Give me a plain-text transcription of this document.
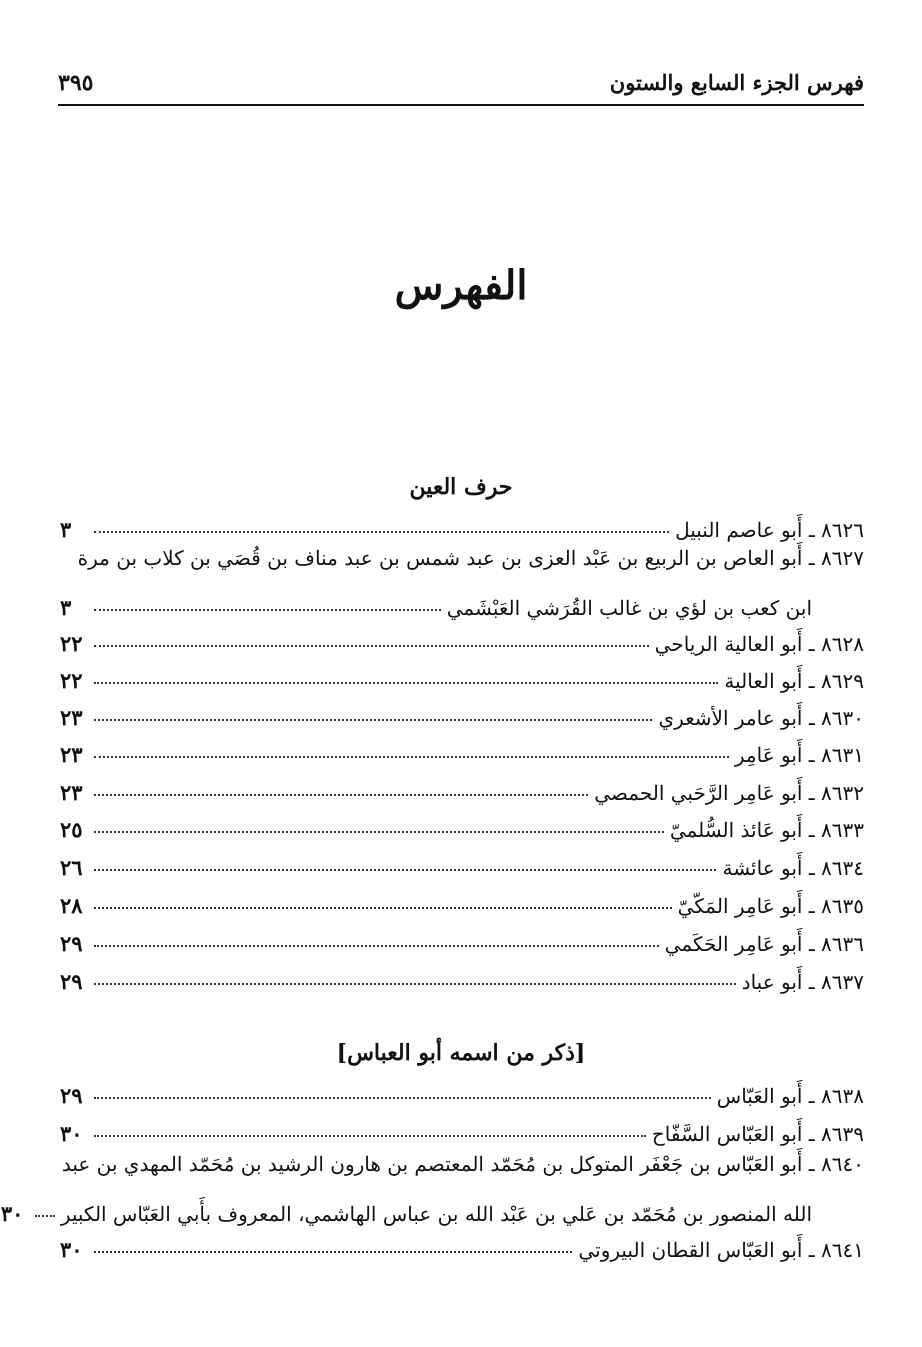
فهرس الجزء السابع والستون
٣٩٥
الفهرس
حرف العين
٨٦٢٦ ـ أَبو عاصم النبيل
٣
٨٦٢٧ ـ أَبو العاص بن الربيع بن عَبْد العزى بن عبد شمس بن عبد مناف بن قُصَي بن كلاب بن مرة
ابن كعب بن لؤي بن غالب القُرَشي العَبْشَمي
٣
٨٦٢٨ ـ أَبو العالية الرياحي
٢٢
٨٦٢٩ ـ أَبو العالية
٢٢
٨٦٣٠ ـ أَبو عامر الأشعري
٢٣
٨٦٣١ ـ أَبو عَامِر
٢٣
٨٦٣٢ ـ أَبو عَامِر الرَّحَبي الحمصي
٢٣
٨٦٣٣ ـ أَبو عَائذ السُّلميّ
٢٥
٨٦٣٤ ـ أَبو عائشة
٢٦
٨٦٣٥ ـ أَبو عَامِر المَكّيّ
٢٨
٨٦٣٦ ـ أَبو عَامِر الحَكَمي
٢٩
٨٦٣٧ ـ أَبو عباد
٢٩
[ذكر من اسمه أبو العباس]
٨٦٣٨ ـ أَبو العَبّاس
٢٩
٨٦٣٩ ـ أَبو العَبّاس السَّفّاح
٣٠
٨٦٤٠ ـ أَبو العَبّاس بن جَعْفَر المتوكل بن مُحَمّد المعتصم بن هارون الرشيد بن مُحَمّد المهدي بن عبد
الله المنصور بن مُحَمّد بن عَلي بن عَبْد الله بن عباس الهاشمي، المعروف بأَبي العَبّاس الكبير
٣٠
٨٦٤١ ـ أَبو العَبّاس القطان البيروتي
٣٠
